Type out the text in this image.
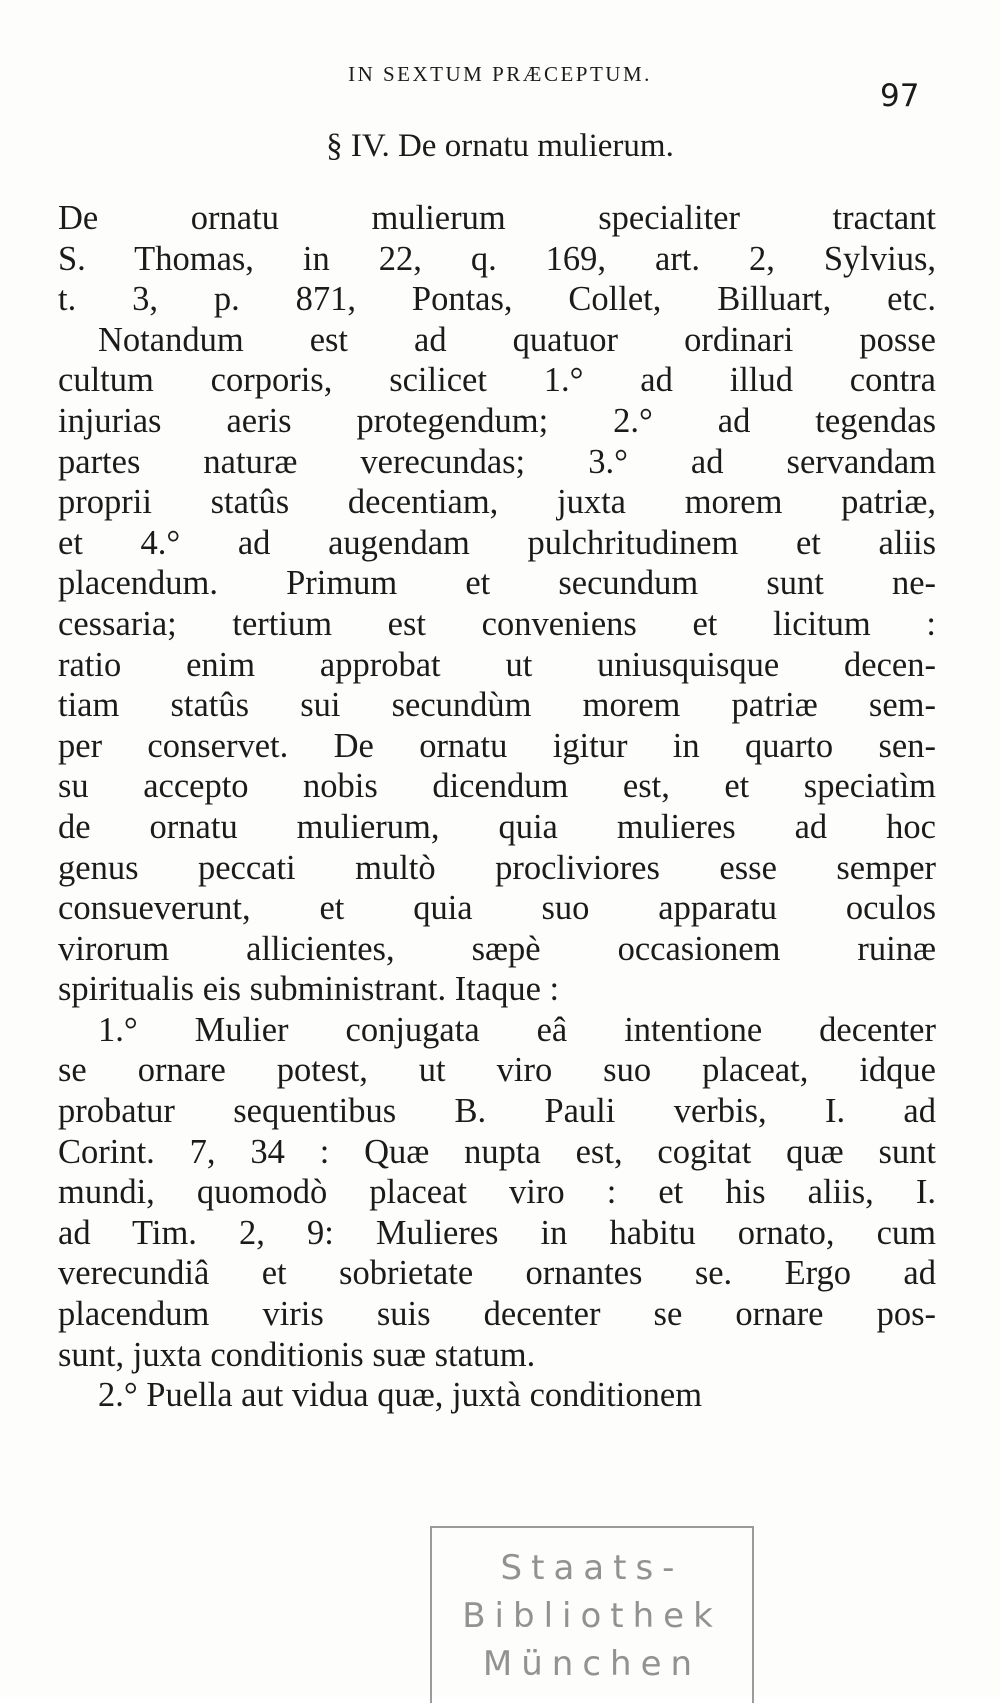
IN SEXTUM PRÆCEPTUM.
97
§ IV. De ornatu mulierum.
De ornatu mulierum specialiter tractant
S. Thomas, in 22, q. 169, art. 2, Sylvius,
t. 3, p. 871, Pontas, Collet, Billuart, etc.
Notandum est ad quatuor ordinari posse
cultum corporis, scilicet 1.° ad illud contra
injurias aeris protegendum; 2.° ad tegendas
partes naturæ verecundas; 3.° ad servandam
proprii statûs decentiam, juxta morem patriæ,
et 4.° ad augendam pulchritudinem et aliis
placendum. Primum et secundum sunt ne-
cessaria; tertium est conveniens et licitum :
ratio enim approbat ut uniusquisque decen-
tiam statûs sui secundùm morem patriæ sem-
per conservet. De ornatu igitur in quarto sen-
su accepto nobis dicendum est, et speciatìm
de ornatu mulierum, quia mulieres ad hoc
genus peccati multò procliviores esse semper
consueverunt, et quia suo apparatu oculos
virorum allicientes, sæpè occasionem ruinæ
spiritualis eis subministrant. Itaque :
1.° Mulier conjugata eâ intentione decenter
se ornare potest, ut viro suo placeat, idque
probatur sequentibus B. Pauli verbis, I. ad
Corint. 7, 34 : Quæ nupta est, cogitat quæ sunt
mundi, quomodò placeat viro : et his aliis, I.
ad Tim. 2, 9: Mulieres in habitu ornato, cum
verecundiâ et sobrietate ornantes se. Ergo ad
placendum viris suis decenter se ornare pos-
sunt, juxta conditionis suæ statum.
2.° Puella aut vidua quæ, juxtà conditionem
Staats-
Bibliothek
München
